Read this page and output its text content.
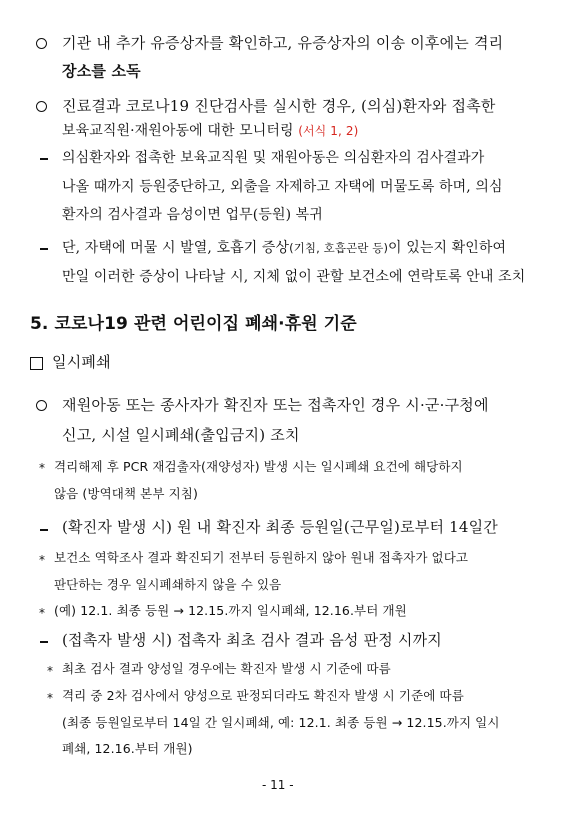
기관 내 추가 유증상자를 확인하고, 유증상자의 이송 이후에는 격리
장소를 소독
진료결과 코로나19 진단검사를 실시한 경우, (의심)환자와 접촉한
보육교직원·재원아동에 대한 모니터링 (서식 1, 2)
의심환자와 접촉한 보육교직원 및 재원아동은 의심환자의 검사결과가
나올 때까지 등원중단하고, 외출을 자제하고 자택에 머물도록 하며, 의심
환자의 검사결과 음성이면 업무(등원) 복귀
단, 자택에 머물 시 발열, 호흡기 증상(기침, 호흡곤란 등)이 있는지 확인하여
만일 이러한 증상이 나타날 시, 지체 없이 관할 보건소에 연락토록 안내 조치
5. 코로나19 관련 어린이집 폐쇄·휴원 기준
일시폐쇄
재원아동 또는 종사자가 확진자 또는 접촉자인 경우 시·군·구청에
신고, 시설 일시폐쇄(출입금지) 조치
* 격리해제 후 PCR 재검출자(재양성자) 발생 시는 일시폐쇄 요건에 해당하지
않음 (방역대책 본부 지침)
(확진자 발생 시) 원 내 확진자 최종 등원일(근무일)로부터 14일간
* 보건소 역학조사 결과 확진되기 전부터 등원하지 않아 원내 접촉자가 없다고
판단하는 경우 일시폐쇄하지 않을 수 있음
* (예) 12.1. 최종 등원 → 12.15.까지 일시폐쇄, 12.16.부터 개원
(접촉자 발생 시) 접촉자 최초 검사 결과 음성 판정 시까지
* 최초 검사 결과 양성일 경우에는 확진자 발생 시 기준에 따름
* 격리 중 2차 검사에서 양성으로 판정되더라도 확진자 발생 시 기준에 따름
(최종 등원일로부터 14일 간 일시폐쇄, 예: 12.1. 최종 등원 → 12.15.까지 일시
폐쇄, 12.16.부터 개원)
- 11 -
